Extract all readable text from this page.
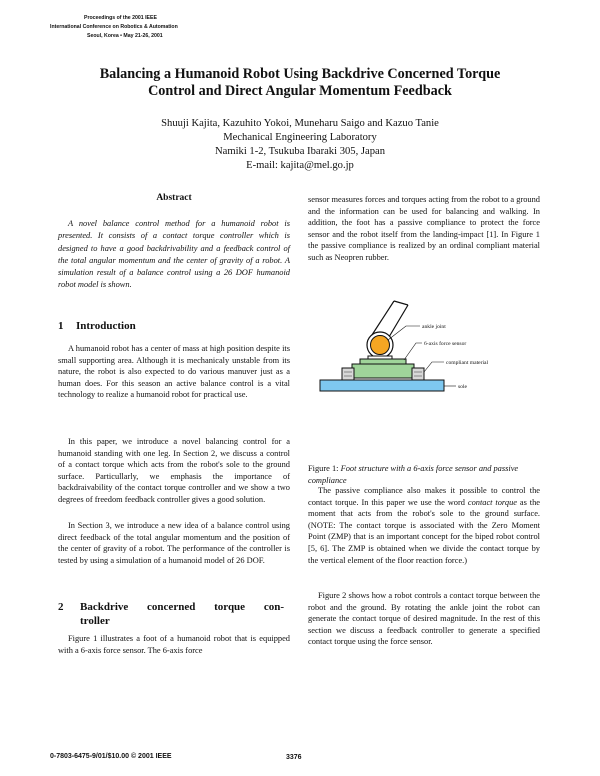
Proceedings of the 2001 IEEE
International Conference on Robotics & Automation
Seoul, Korea • May 21-26, 2001
Balancing a Humanoid Robot Using Backdrive Concerned Torque
Control and Direct Angular Momentum Feedback
Shuuji Kajita, Kazuhito Yokoi, Muneharu Saigo and Kazuo Tanie
Mechanical Engineering Laboratory
Namiki 1-2, Tsukuba Ibaraki 305, Japan
E-mail: kajita@mel.go.jp
Abstract

A novel balance control method for a humanoid robot is presented. It consists of a contact torque controller which is designed to have a good backdrivability and a feedback control of the total angular momentum and the center of gravity of a robot. A simulation result of a balance control using a 26 DOF humanoid robot model is shown.

1 Introduction

A humanoid robot has a center of mass at high position despite its small supporting area. Although it is mechanicaly unstable from its nature, the robot is also expected to do various manuver just as a human does. For this season an active balance control is a vital technology to realize a humanoid robot for practical use.

In this paper, we introduce a novel balancing control for a humanoid standing with one leg. In Section 2, we discuss a control of a contact torque which acts from the robot's sole to the ground surface. Particullarly, we emphasis the importance of backdraivability of the contact torque controller and we show a two degrees of freedom feedback controller gives a good solution.

In Section 3, we introduce a new idea of a balance control using direct feedback of the total angular momentum and the position of the center of gravity of a robot. The performance of the controller is tested by using a simulation of a humanoid model of 26 DOF.

2 Backdrive concerned torque con-
troller

Figure 1 illustrates a foot of a humanoid robot that is equipped with a 6-axis force sensor. The 6-axis force

sensor measures forces and torques acting from the robot to a ground and the information can be used for balancing and walking. In addition, the foot has a passive compliance to protect the force sensor and the robot itself from the landing-impact [1]. In Figure 1 the passive compliance is realized by an ordinal compliant material such as Neopren rubber.

ankle joint
6-axis force sensor
compliant material
sole

Figure 1: Foot structure with a 6-axis force sensor and passive compliance

The passive compliance also makes it possible to control the contact torque. In this paper we use the word contact torque as the moment that acts from the robot's sole to the ground surface. (NOTE: The contact torque is associated with the Zero Moment Point (ZMP) that is an important concept for the biped robot control [5, 6]. The ZMP is obtained when we divide the contact torque by the vertical element of the floor reaction force.)

Figure 2 shows how a robot controls a contact torque between the robot and the ground. By rotating the ankle joint the robot can generate the contact torque of desired magnitude. In the rest of this section we discuss a feedback controller to generate a specified contact torque using the force sensor.

0-7803-6475-9/01/$10.00 © 2001 IEEE	3376
